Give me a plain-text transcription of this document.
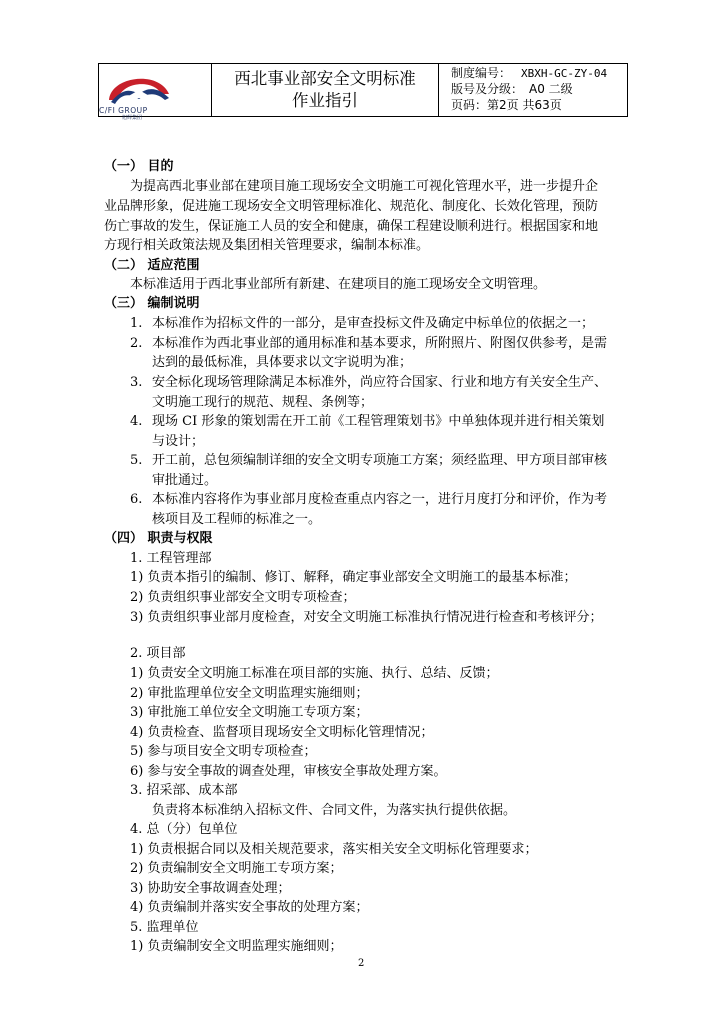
C/FI GROUP
旭辉集团
西北事业部安全文明标准
作业指引
制度编号： XBXH-GC-ZY-04
版号及分级： A0 二级
页码：第2页 共63页
（一） 目的
为提高西北事业部在建项目施工现场安全文明施工可视化管理水平，进一步提升企
业品牌形象，促进施工现场安全文明管理标准化、规范化、制度化、长效化管理，预防
伤亡事故的发生，保证施工人员的安全和健康，确保工程建设顺利进行。根据国家和地
方现行相关政策法规及集团相关管理要求，编制本标准。
（二） 适应范围
本标准适用于西北事业部所有新建、在建项目的施工现场安全文明管理。
（三） 编制说明
1. 本标准作为招标文件的一部分，是审查投标文件及确定中标单位的依据之一；
2. 本标准作为西北事业部的通用标准和基本要求，所附照片、附图仅供参考，是需
达到的最低标准，具体要求以文字说明为准；
3. 安全标化现场管理除满足本标准外，尚应符合国家、行业和地方有关安全生产、
文明施工现行的规范、规程、条例等；
4. 现场 CI 形象的策划需在开工前《工程管理策划书》中单独体现并进行相关策划
与设计；
5. 开工前，总包须编制详细的安全文明专项施工方案；须经监理、甲方项目部审核
审批通过。
6. 本标准内容将作为事业部月度检查重点内容之一，进行月度打分和评价，作为考
核项目及工程师的标准之一。
（四） 职责与权限
1. 工程管理部
1) 负责本指引的编制、修订、解释，确定事业部安全文明施工的最基本标准；
2) 负责组织事业部安全文明专项检查；
3) 负责组织事业部月度检查，对安全文明施工标准执行情况进行检查和考核评分；
2. 项目部
1) 负责安全文明施工标准在项目部的实施、执行、总结、反馈；
2) 审批监理单位安全文明监理实施细则；
3) 审批施工单位安全文明施工专项方案；
4) 负责检查、监督项目现场安全文明标化管理情况；
5) 参与项目安全文明专项检查；
6) 参与安全事故的调查处理，审核安全事故处理方案。
3. 招采部、成本部
负责将本标准纳入招标文件、合同文件，为落实执行提供依据。
4. 总（分）包单位
1) 负责根据合同以及相关规范要求，落实相关安全文明标化管理要求；
2) 负责编制安全文明施工专项方案；
3) 协助安全事故调查处理；
4) 负责编制并落实安全事故的处理方案；
5. 监理单位
1) 负责编制安全文明监理实施细则；
2
